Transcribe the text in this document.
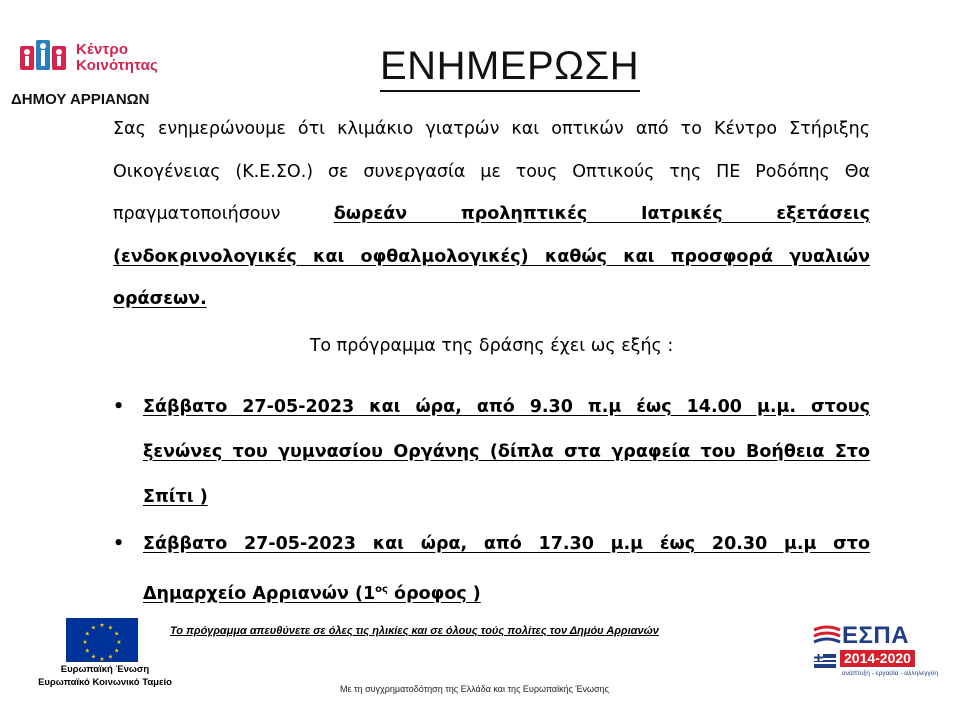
Κέντρο
Κοινότητας
ΔΗΜΟΥ ΑΡΡΙΑΝΩΝ
ΕΝΗΜΕΡΩΣΗ
Σας ενημερώνουμε ότι κλιμάκιο γιατρών και οπτικών από το Κέντρο Στήριξης
Οικογένειας (Κ.Ε.ΣΟ.) σε συνεργασία με τους Οπτικούς της ΠΕ Ροδόπης Θα
πραγματοποιήσουν δωρεάν προληπτικές Ιατρικές εξετάσεις
(ενδοκρινολογικές και οφθαλμολογικές) καθώς και προσφορά γυαλιών
οράσεων.
Το πρόγραμμα της δράσης έχει ως εξής :
• Σάββατο 27-05-2023 και ώρα, από 9.30 π.μ έως 14.00 μ.μ. στους
ξενώνες του γυμνασίου Οργάνης (δίπλα στα γραφεία του Βοήθεια Στο
Σπίτι )
• Σάββατο 27-05-2023 και ώρα, από 17.30 μ.μ έως 20.30 μ.μ στο
Δημαρχείο Αρριανών ($1^{o\varsigma}$ όροφος )
★ ★
★
★
★
★
★
★
★
★
★
★
Ευρωπαϊκή Ένωση
Ευρωπαϊκό Κοινωνικό Ταμείο
Το πρόγραμμα απευθύνετε σε όλες τις ηλικίες και σε όλους τούς πολίτες τον Δημόυ Αρριανών
Με τη συγχρηματοδότηση της Ελλάδα και της Ευρωπαϊκής Ένωσης
ΕΣΠΑ
2014-2020
ανάπτυξη - εργασία - αλληλεγγύη
